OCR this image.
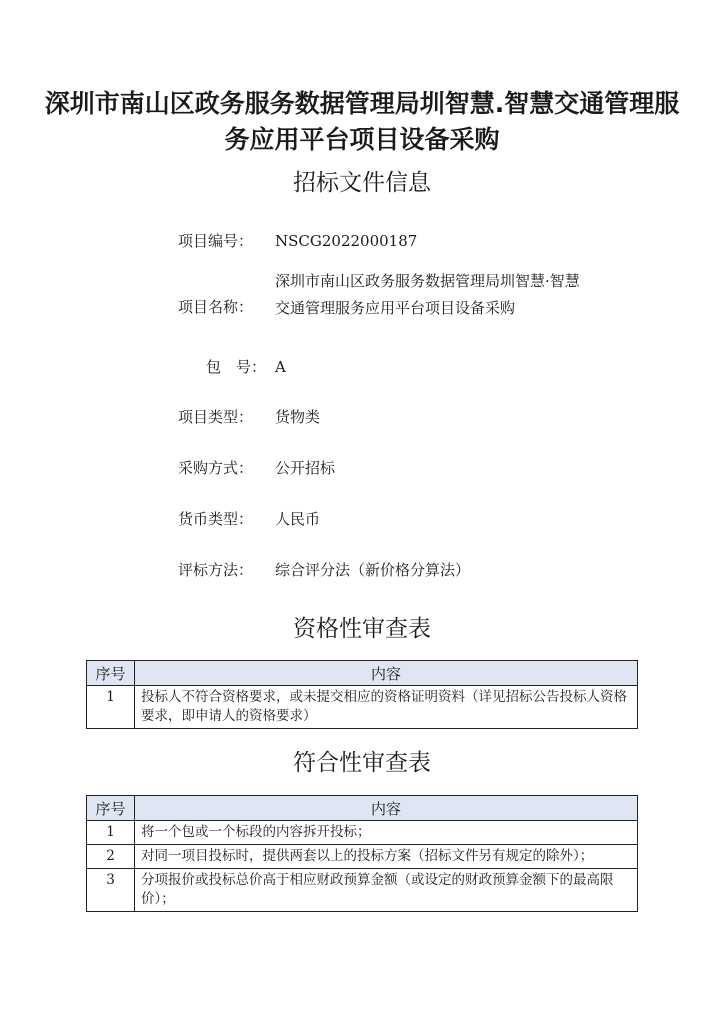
深圳市南山区政务服务数据管理局圳智慧.智慧交通管理服务应用平台项目设备采购
招标文件信息
项目编号：	NSCG2022000187
项目名称：
深圳市南山区政务服务数据管理局圳智慧·智慧交通管理服务应用平台项目设备采购
包　号： A
项目类型：	货物类
采购方式：	公开招标
货币类型：	人民币
评标方法：	综合评分法（新价格分算法）
资格性审查表
序号	内容
1	投标人不符合资格要求，或未提交相应的资格证明资料（详见招标公告投标人资格要求，即申请人的资格要求）
符合性审查表
序号	内容
1	将一个包或一个标段的内容拆开投标；
2	对同一项目投标时，提供两套以上的投标方案（招标文件另有规定的除外）；
3	分项报价或投标总价高于相应财政预算金额（或设定的财政预算金额下的最高限价）；
